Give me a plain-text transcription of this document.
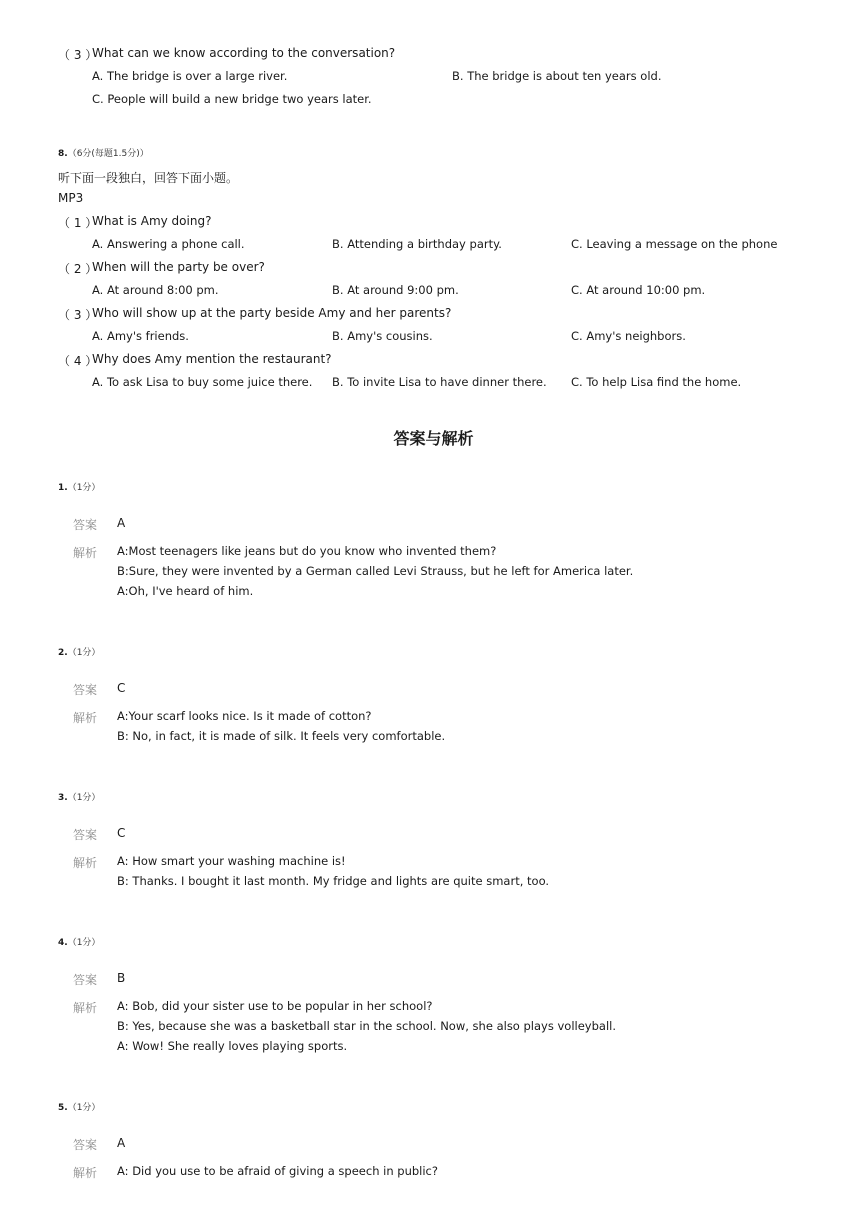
（ 3 ）
What can we know according to the conversation?
A. The bridge is over a large river.	B. The bridge is about ten years old.
C. People will build a new bridge two years later.
8.（6分(每题1.5分)）
听下面一段独白，回答下面小题。
MP3
（ 1 ）
What is Amy doing?
A. Answering a phone call.	B. Attending a birthday party.	C. Leaving a message on the phone
（ 2 ）
When will the party be over?
A. At around 8:00 pm.	B. At around 9:00 pm.	C. At around 10:00 pm.
（ 3 ）
Who will show up at the party beside Amy and her parents?
A. Amy's friends.	B. Amy's cousins.	C. Amy's neighbors.
（ 4 ）
Why does Amy mention the restaurant?
A. To ask Lisa to buy some juice there. B. To invite Lisa to have dinner there. C. To help Lisa find the home.
答案与解析
1.（1分）
答案 A
解析 A:Most teenagers like jeans but do you know who invented them?
B:Sure, they were invented by a German called Levi Strauss, but he left for America later.
A:Oh, I've heard of him.
2.（1分）
答案 C
解析 A:Your scarf looks nice. Is it made of cotton?
B: No, in fact, it is made of silk. It feels very comfortable.
3.（1分）
答案 C
解析 A: How smart your washing machine is!
B: Thanks. I bought it last month. My fridge and lights are quite smart, too.
4.（1分）
答案 B
解析 A: Bob, did your sister use to be popular in her school?
B: Yes, because she was a basketball star in the school. Now, she also plays volleyball.
A: Wow! She really loves playing sports.
5.（1分）
答案 A
解析 A: Did you use to be afraid of giving a speech in public?
